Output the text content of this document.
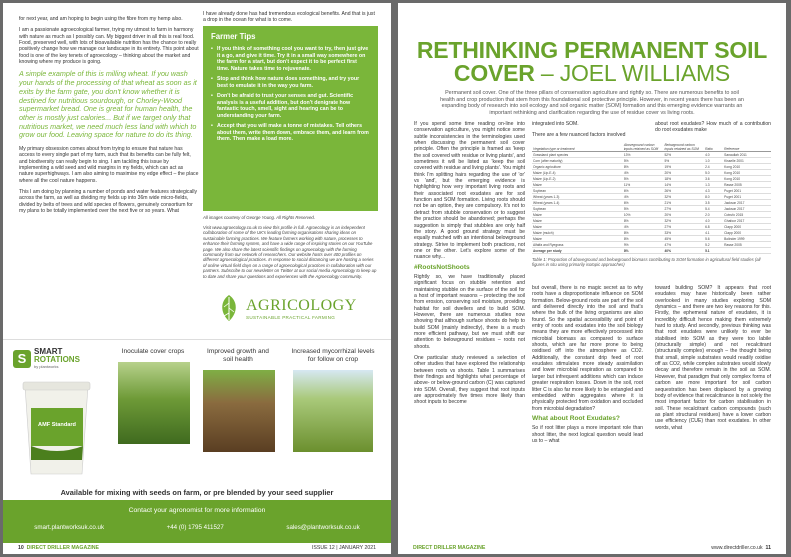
for next year, and am hoping to begin using the fibre from my hemp also.

I am a passionate agroecological farmer, trying my utmost to farm in harmony with nature as much as I possibly can. My biggest driver in all this is real food. Food, preserved well, with lots of bioavailable nutrition has the chance to really positively change how we manage our landscape in its entirety. This point about food is one of the key tenets of agroecology – thinking about the market and knowing where my produce is going.

A simple example of this is milling wheat. If you wash your hands of the processing of that wheat as soon as it exits by the farm gate, you don't know whether it is destined for nutritious sourdough, or Chorley-Wood supermarket bread. One is great for human health, the other is mostly just calories... But if we target only that nutritious market, we need much less land with which to grow our food. Leaving space for nature to do its thing.

My primary obsession comes about from trying to ensure that nature has access to every single part of my farm, such that its benefits can be fully felt, and biodiversity can really begin to sing. I am tackling this issue by implementing a wild seed and wild margins in my fields, which can act as nature superhighways. I am also aiming to maximise my edge effect – the place where all the cool nature happens.

This I am doing by planning a number of ponds and water features strategically across the farm, as well as dividing my fields up into 36m wide micro-fields, divided by belts of trees and wild species of flowers, genuinely consortium for my plans to be totally implemented over the next five or so years. What

I have already done has had tremendous ecological benefits. And that is just a drop in the ocean for what is to come.
Farmer Tips
• If you think of something cool you want to try, then just give it a go, and give it time. Try it in a small way somewhere on the farm for a start, but don't expect it to be perfect first time. Nature takes time to rejuvenate.
• Stop and think how nature does something, and try your best to emulate it in the way you farm.
• Don't be afraid to trust your senses and gut. Scientific analysis is a useful addition, but don't denigrate how fantastic touch, smell, sight and hearing can be to understanding your farm.
• Accept that you will make a tonne of mistakes. Tell others about them, write them down, embrace them, and learn from them. Then make a load more.
All images courtesy of George Young. All Rights Reserved.
Visit www.agroecology.co.uk to view this profile in full. Agroecology is an independent collaboration of some of the UK's leading farming organisations sharing ideas on sustainable farming practices. We feature farmers working with nature, processes to enhance their farming system, and have a wide range of inspiring stories on our YouTube page. We also share the latest scientific findings on agroecology with the farming community from our network of researchers. Our website hosts over 400 profiles on different agroecological practices. In response to social distancing we are hosting a series of online virtual field days on a range of agroecological practices in collaboration with our partners. Subscribe to our newsletter on Twitter at our social media Agroecology to keep up to date and share your questions and experiences with the Agroecology community.
AGRICOLOGY
SUSTAINABLE PRACTICAL FARMING
S SMART
ROTATIONS
by plantworks
AMF Standard
Inoculate cover crops	Improved growth and soil health
Increased mycorrhizal levels for follow on crop
Available for mixing with seeds on farm, or pre blended by your seed supplier
Contact your agronomist for more information
smart.plantworksuk.co.uk	+44 (0) 1795 411527	sales@plantworksuk.co.uk
10 DIRECT DRILLER MAGAZINE	ISSUE 12 | JANUARY 2021
RETHINKING PERMANENT SOIL COVER – JOEL WILLIAMS
Permanent soil cover. One of the three pillars of conservation agriculture and rightly so. There are numerous benefits to soil health and crop production that stem from this foundational soil protective principle. However, in recent years there has been an expanding body of research into soil ecology and soil organic matter (SOM) formation and this emerging evidence warrants an important rethinking and clarification regarding the use of residue cover vs living roots.

If you spend some time reading on-line into conservation agriculture, you might notice some subtle inconsistencies in the terminologies used when discussing the permanent soil cover principle. Often the principle is framed as 'keep the soil covered with residue or living plants', and sometimes it will be listed as 'keep the soil covered with residue and living plants'. You might think I'm splitting hairs regarding the use of 'or' vs 'and', but the emerging evidence is highlighting how very important living roots and their associated root exudates are for soil function and SOM formation. Living roots should not be an option, they are compulsory. It's not to detract from stubble conservation or to suggest the practice should be abandoned; perhaps the suggestion is simply that stubbles are only half the story. A good ground strategy must be equally matched with an intentional belowground strategy. Strive to implement both practices, not one or the other. Let's explore some of the nuance why...

#RootsNotShoots

Rightly so, we have traditionally placed significant focus on stubble retention and maintaining stubble on the surface of the soil for a host of important reasons – protecting the soil from erosion, conserving soil moisture, providing habitat for soil dwellers and to build SOM. However, there are numerous studies now showing that although surface shoots do help to build SOM (mainly indirectly), there is a much more efficient pathway, but we must shift our attention to belowground residues – roots not shoots.

One particular study reviewed a selection of other studies that have explored the relationship between roots vs shoots. Table 1 summarises their findings and highlights what percentage of above- or below-ground carbon (C) was captured into SOM. Overall, they suggest that root inputs are approximately five times more likely than shoot inputs to become

integrated into SOM.

There are a few nuanced factors involved

about root exudates? How much of a contribution do root exudates make

Vegetation type or treatment	Aboveground carbon inputs retained as SOM	Belowground carbon inputs retained as SOM	Ratio	Reference
Grassland plant species	13%	52%	4.0	Sanaullah 2011
Corn (after maturity)	5%	5%	1.0	Kisselle 2001
Organic agriculture	8%	19%	2.4	Kong 2010
Maize (Lip-E-4)	4%	20%	5.0	Kong 2010
Maize (Lip-E-2)	5%	18%	3.6	Kong 2010
Maize	11%	14%	1.3	Rasse 2005
Soybean	6%	26%	4.3	Puget 2001
Wheat (years 1-3)	4%	32%	8.0	Puget 2001
Wheat (years 1-4)	6%	21%	3.5	Jackson 2017
Soybean	5%	27%	5.4	Jackson 2017
Maize	10%	20%	2.0	Cotrufo 2015
Maize	8%	32%	4.0	Ghafoor 2017
Maize	4%	27%	6.8	Clapp 2000
Maize (mulch)	8%	33%	4.1	Clapp 2000
Maize	8%	45%	5.6	Bolinder 1999
Alfalfa and Ryegrass	9%	47%	5.2	Rasse 2005
Average per study	8%	40%	5.1	
Table 1: Proportion of aboveground and belowground biomass contributing to SOM formation in agricultural field studies (all figures in situ using primarily isotopic approaches)

but overall, there is no magic secret as to why roots have a disproportionate influence on SOM formation. Below-ground roots are part of the soil and delivered directly into the soil and that's where the bulk of the living organisms are also found. So the spatial accessibility and point of entry of roots and exudates into the soil biology means they are more effectively processed into microbial biomass as compared to surface shoots, which are far more prone to being oxidised off into the atmosphere as CO2. Additionally, the constant drip feed of root exudates stimulates more steady assimilation and lower microbial respiration as compared to larger but infrequent additions which can induce greater respiration losses. Down in the soil, root litter C is also far more likely to be entangled and embedded within aggregates where it is physically protected from oxidation and occluded from microbial degradation?

What about Root Exudates?

So if root litter plays a more important role than shoot litter, the next logical question would lead us to – what

toward building SOM? It appears that root exudates may have historically been rather overlooked in many studies exploring SOM dynamics – and there are two key reasons for this. Firstly, the ephemeral nature of exudates, it is incredibly difficult hence making them extremely hard to study. And secondly, previous thinking was that root exudates were unlikely to ever be stabilised into SOM as they were too labile (structurally simple) and not recalcitrant (structurally complex) enough – the thought being that small, simple substrates would readily oxidise off as CO2, while complex substrates would slowly decay and therefore remain in the soil as SOM. However, that paradigm that only complex forms of carbon are more important for soil carbon sequestration has been displaced by a growing body of evidence that recalcitrance is not solely the most important factor for carbon stabilisation in soil. These recalcitrant carbon compounds (such as plant structural residues) have a lower carbon use efficiency (CUE) than root exudates. In other words, what

DIRECT DRILLER MAGAZINE	www.directdriller.co.uk 11
